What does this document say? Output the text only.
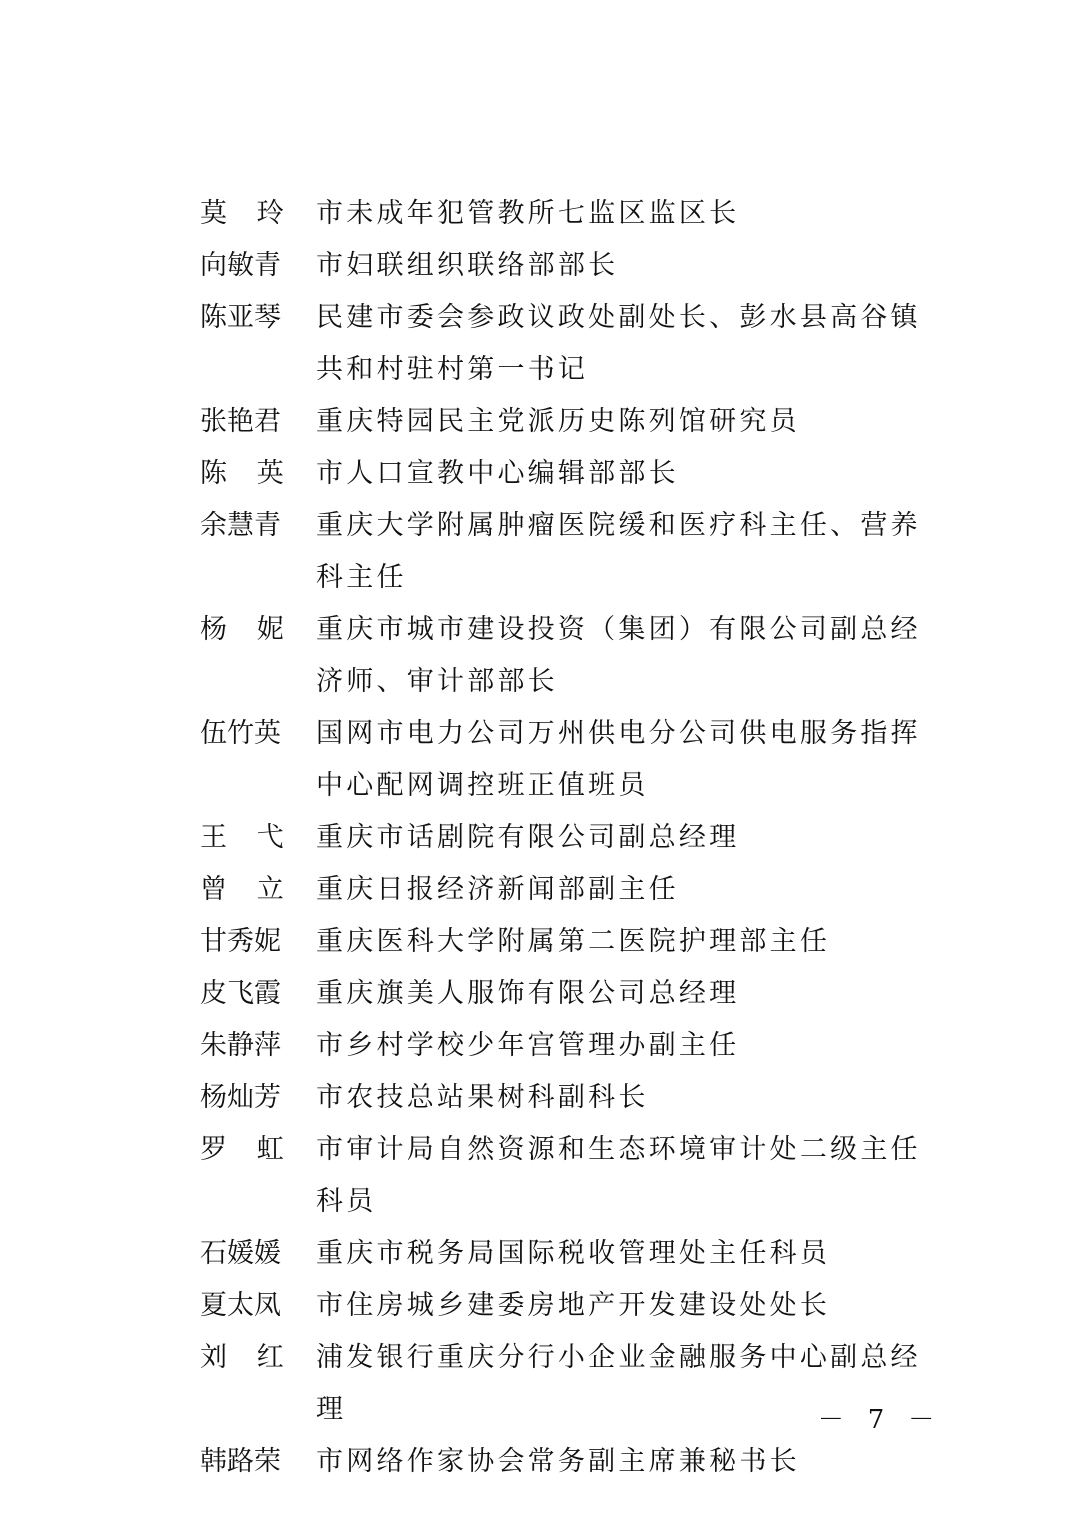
莫玲 市未成年犯管教所七监区监区长
向敏青	市妇联组织联络部部长
陈亚琴	民建市委会参政议政处副处长、彭水县高谷镇共和村驻村第一书记
张艳君	重庆特园民主党派历史陈列馆研究员
陈英 市人口宣教中心编辑部部长
余慧青	重庆大学附属肿瘤医院缓和医疗科主任、营养科主任
杨妮 重庆市城市建设投资（集团）有限公司副总经济师、审计部部长
伍竹英	国网市电力公司万州供电分公司供电服务指挥中心配网调控班正值班员
王弋 重庆市话剧院有限公司副总经理
曾立 重庆日报经济新闻部副主任
甘秀妮	重庆医科大学附属第二医院护理部主任
皮飞霞	重庆旗美人服饰有限公司总经理
朱静萍	市乡村学校少年宫管理办副主任
杨灿芳	市农技总站果树科副科长
罗虹 市审计局自然资源和生态环境审计处二级主任科员
石媛媛	重庆市税务局国际税收管理处主任科员
夏太凤	市住房城乡建委房地产开发建设处处长
刘红 浦发银行重庆分行小企业金融服务中心副总经 理
韩路荣	市网络作家协会常务副主席兼秘书长
－ 7 －
